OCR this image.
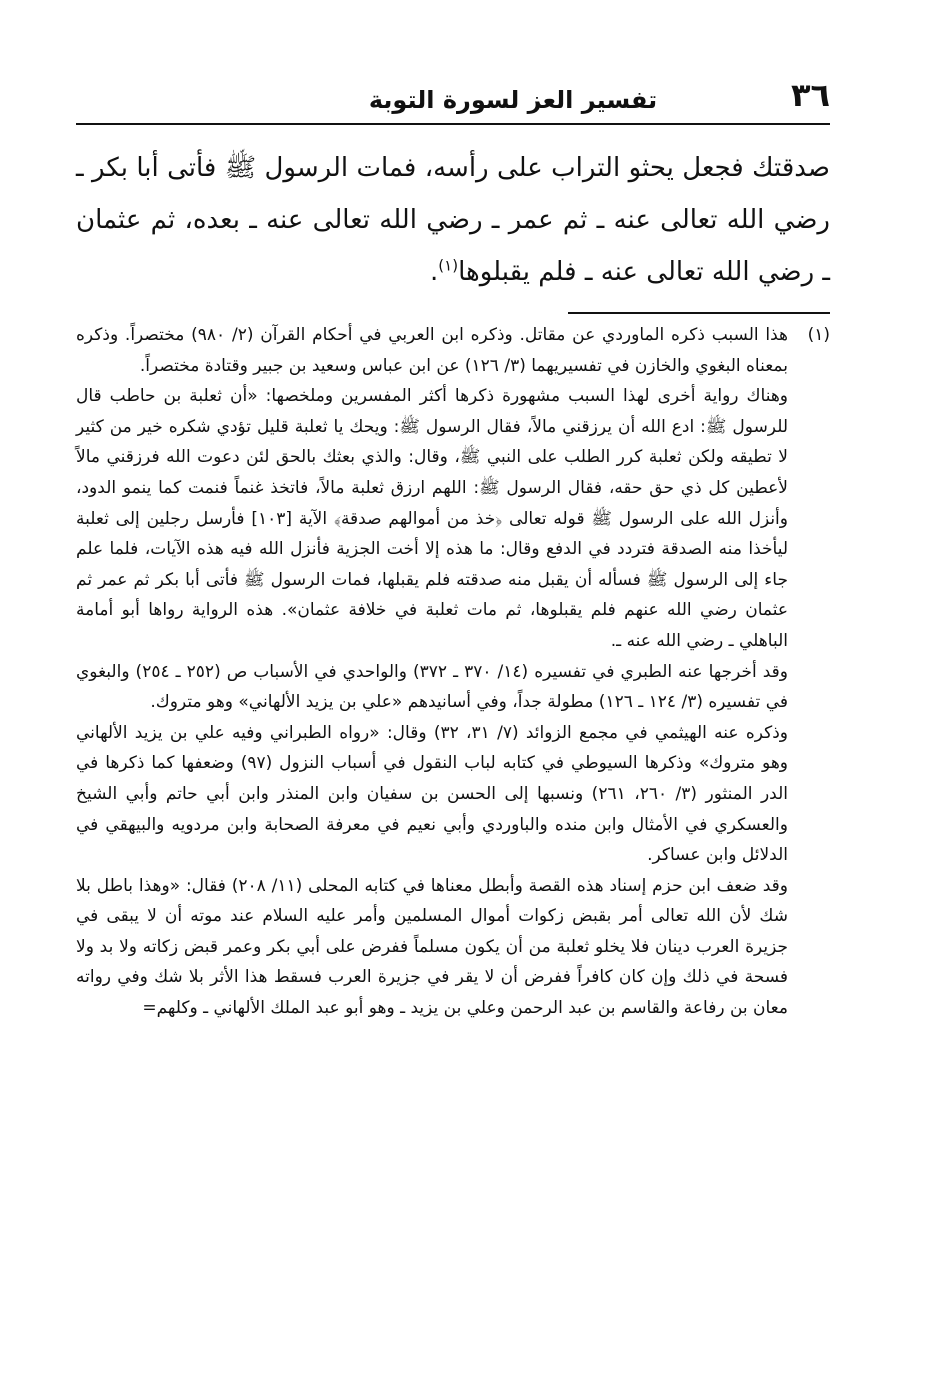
٣٦
تفسير العز لسورة التوبة

صدقتك فجعل يحثو التراب على رأسه، فمات الرسول ﷺ فأتى أبا بكر ـ رضي الله تعالى عنه ـ ثم عمر ـ رضي الله تعالى عنه ـ بعده، ثم عثمان ـ رضي الله تعالى عنه ـ فلم يقبلوها$^{(١)}$.

(١)

هذا السبب ذكره الماوردي عن مقاتل. وذكره ابن العربي في أحكام القرآن (٢/ ٩٨٠) مختصراً. وذكره بمعناه البغوي والخازن في تفسيريهما (٣/ ١٢٦) عن ابن عباس وسعيد بن جبير وقتادة مختصراً.

وهناك رواية أخرى لهذا السبب مشهورة ذكرها أكثر المفسرين وملخصها: «أن ثعلبة بن حاطب قال للرسول ﷺ: ادع الله أن يرزقني مالاً، فقال الرسول ﷺ: ويحك يا ثعلبة قليل تؤدي شكره خير من كثير لا تطيقه ولكن ثعلبة كرر الطلب على النبي ﷺ، وقال: والذي بعثك بالحق لئن دعوت الله فرزقني مالاً لأعطين كل ذي حق حقه، فقال الرسول ﷺ: اللهم ارزق ثعلبة مالاً، فاتخذ غنماً فنمت كما ينمو الدود، وأنزل الله على الرسول ﷺ قوله تعالى ﴿خذ من أموالهم صدقة﴾ الآية [١٠٣] فأرسل رجلين إلى ثعلبة ليأخذا منه الصدقة فتردد في الدفع وقال: ما هذه إلا أخت الجزية فأنزل الله فيه هذه الآيات، فلما علم جاء إلى الرسول ﷺ فسأله أن يقبل منه صدقته فلم يقبلها، فمات الرسول ﷺ فأتى أبا بكر ثم عمر ثم عثمان رضي الله عنهم فلم يقبلوها، ثم مات ثعلبة في خلافة عثمان». هذه الرواية رواها أبو أمامة الباهلي ـ رضي الله عنه ـ.

وقد أخرجها عنه الطبري في تفسيره (١٤/ ٣٧٠ ـ ٣٧٢) والواحدي في الأسباب ص (٢٥٢ ـ ٢٥٤) والبغوي في تفسيره (٣/ ١٢٤ ـ ١٢٦) مطولة جداً، وفي أسانيدهم «علي بن يزيد الألهاني» وهو متروك.

وذكره عنه الهيثمي في مجمع الزوائد (٧/ ٣١، ٣٢) وقال: «رواه الطبراني وفيه علي بن يزيد الألهاني وهو متروك» وذكرها السيوطي في كتابه لباب النقول في أسباب النزول (٩٧) وضعفها كما ذكرها في الدر المنثور (٣/ ٢٦٠، ٢٦١) ونسبها إلى الحسن بن سفيان وابن المنذر وابن أبي حاتم وأبي الشيخ والعسكري في الأمثال وابن منده والباوردي وأبي نعيم في معرفة الصحابة وابن مردويه والبيهقي في الدلائل وابن عساكر.

وقد ضعف ابن حزم إسناد هذه القصة وأبطل معناها في كتابه المحلى (١١/ ٢٠٨) فقال: «وهذا باطل بلا شك لأن الله تعالى أمر بقبض زكوات أموال المسلمين وأمر عليه السلام عند موته أن لا يبقى في جزيرة العرب دينان فلا يخلو ثعلبة من أن يكون مسلماً ففرض على أبي بكر وعمر قبض زكاته ولا بد ولا فسحة في ذلك وإن كان كافراً ففرض أن لا يقر في جزيرة العرب فسقط هذا الأثر بلا شك وفي رواته معان بن رفاعة والقاسم بن عبد الرحمن وعلي بن يزيد ـ وهو أبو عبد الملك الألهاني ـ وكلهم=
